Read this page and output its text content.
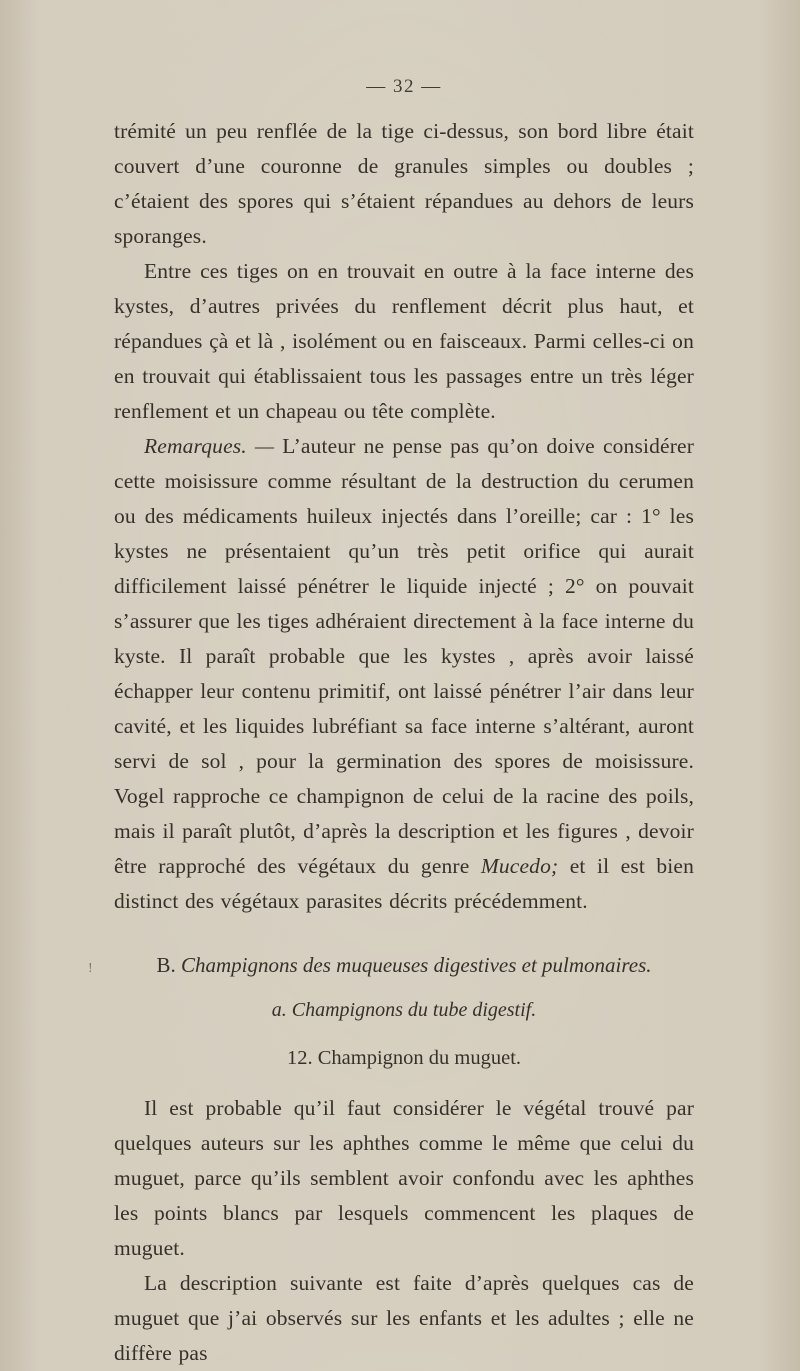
— 32 —

trémité un peu renflée de la tige ci-dessus, son bord libre était couvert d’une couronne de granules simples ou doubles ; c’étaient des spores qui s’étaient répandues au dehors de leurs sporanges.

Entre ces tiges on en trouvait en outre à la face interne des kystes, d’autres privées du renflement décrit plus haut, et répandues çà et là , isolément ou en faisceaux. Parmi celles-ci on en trouvait qui établissaient tous les passages entre un très léger renflement et un chapeau ou tête complète.

Remarques. — L’auteur ne pense pas qu’on doive considérer cette moisissure comme résultant de la destruction du cerumen ou des médicaments huileux injectés dans l’oreille; car : 1° les kystes ne présentaient qu’un très petit orifice qui aurait difficilement laissé pénétrer le liquide injecté ; 2° on pouvait s’assurer que les tiges adhéraient directement à la face interne du kyste. Il paraît probable que les kystes , après avoir laissé échapper leur contenu primitif, ont laissé pénétrer l’air dans leur cavité, et les liquides lubréfiant sa face interne s’altérant, auront servi de sol , pour la germination des spores de moisissure. Vogel rapproche ce champignon de celui de la racine des poils, mais il paraît plutôt, d’après la description et les figures , devoir être rapproché des végétaux du genre Mucedo; et il est bien distinct des végétaux parasites décrits précédemment.

!	B. Champignons des muqueuses digestives et pulmonaires.
a. Champignons du tube digestif.
12. Champignon du muguet.

Il est probable qu’il faut considérer le végétal trouvé par quelques auteurs sur les aphthes comme le même que celui du muguet, parce qu’ils semblent avoir confondu avec les aphthes les points blancs par lesquels commencent les plaques de muguet.

La description suivante est faite d’après quelques cas de muguet que j’ai observés sur les enfants et les adultes ; elle ne diffère pas
